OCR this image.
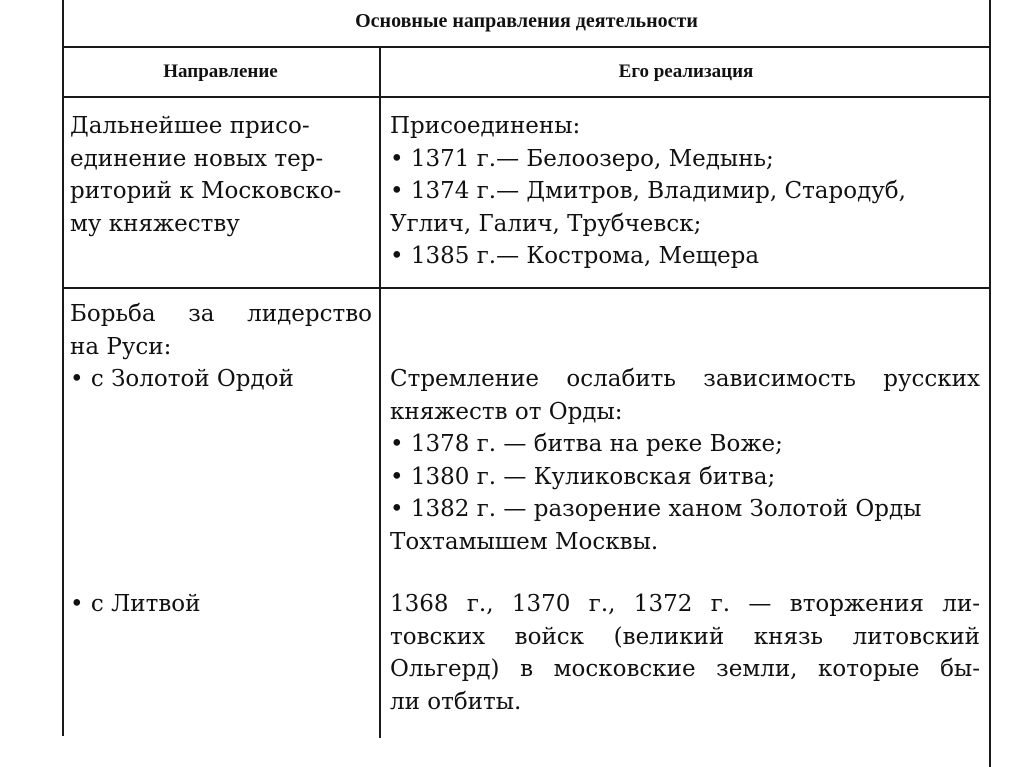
Основные направления деятельности
Направление	Его реализация
Дальнейшее присо-
единение новых тер-
риторий к Московско-
му княжеству
Присоединены:
• 1371 г.— Белоозеро, Медынь;
• 1374 г.— Дмитров, Владимир, Стародуб,
Углич, Галич, Трубчевск;
• 1385 г.— Кострома, Мещера
Борьба за лидерство
на Руси:
• с Золотой Ордой
• с Литвой
Стремление ослабить зависимость русских
княжеств от Орды:
• 1378 г. — битва на реке Воже;
• 1380 г. — Куликовская битва;
• 1382 г. — разорение ханом Золотой Орды
Тохтамышем Москвы.
1368 г., 1370 г., 1372 г. — вторжения ли-
товских войск (великий князь литовский
Ольгерд) в московские земли, которые бы-
ли отбиты.
